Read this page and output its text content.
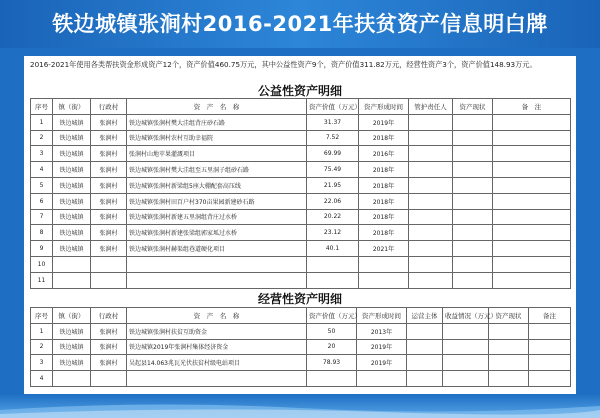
铁边城镇张涧村2016-2021年扶贫资产信息明白牌
2016-2021年使用各类帮扶资金形成资产12个，资产价值460.75万元，其中公益性资产9个，资产价值311.82万元，经营性资产3个，资产价值148.93万元。
公益性资产明细
序号	镇（街）	行政村	资　产　名　称	资产价值（万元）	资产形成时间	管护责任人	资产现状	备　注
1	铁边城镇	张涧村	铁边城镇张涧村樊大洼组背庄砂石路	31.37	2019年			
2	铁边城镇	张涧村	铁边城镇张涧村农村互助幸福院	7.52	2018年			
3	铁边城镇	张涧村	张涧村山地苹果灌溉项目	69.99	2016年			
4	铁边城镇	张涧村	铁边城镇张涧村樊大洼组至五里洞子组砂石路	75.49	2018年			
5	铁边城镇	张涧村	铁边城镇张涧村新梁组5座大棚配套高压线	21.95	2018年			
6	铁边城镇	张涧村	铁边城镇张涧村田百户村370亩果园新建砂石路	22.06	2018年			
7	铁边城镇	张涧村	铁边城镇张涧村新建五里洞组背庄过水桥	20.22	2018年			
8	铁边城镇	张涧村	铁边城镇张涧村新建张梁组郭家坬过水桥	23.12	2018年			
9	铁边城镇	张涧村	铁边城镇张涧村赫渠组巷道硬化项目	40.1	2021年			
10								
11								
经营性资产明细
序号	镇（街）	行政村	资　产　名　称	资产价值（万元）	资产形成时间	运营主体	收益情况（万元）	资产现状	备注
1	铁边城镇	张涧村	铁边城镇张涧村扶贫互助资金	50	2013年				
2	铁边城镇	张涧村	铁边城镇2019年张涧村集体经济资金	20	2019年				
3	铁边城镇	张涧村	吴起县14.063兆瓦光伏扶贫村级电站项目	78.93	2019年				
4									
